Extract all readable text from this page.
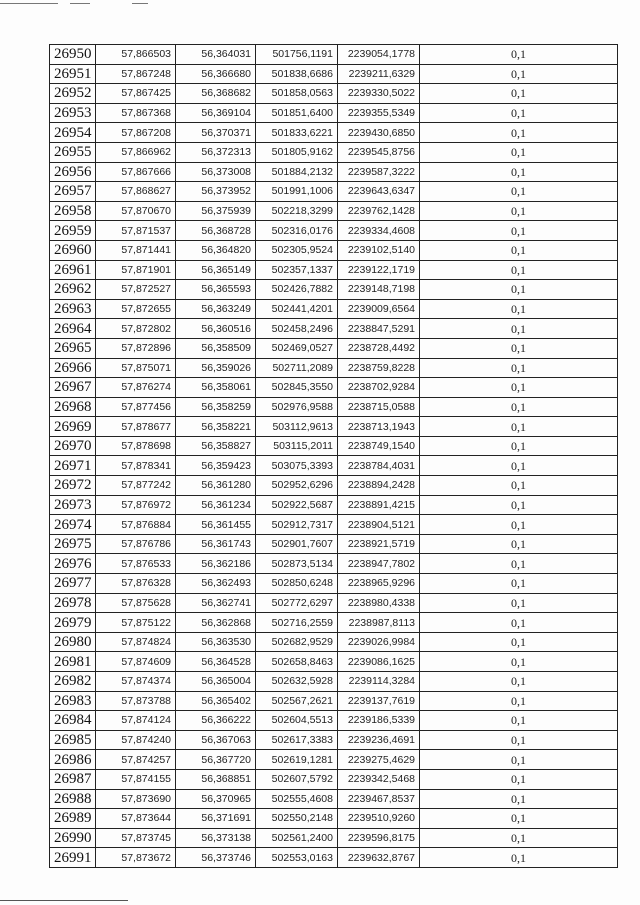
26950	57,866503	56,364031	501756,1191	2239054,1778	0,1
26951	57,867248	56,366680	501838,6686	2239211,6329	0,1
26952	57,867425	56,368682	501858,0563	2239330,5022	0,1
26953	57,867368	56,369104	501851,6400	2239355,5349	0,1
26954	57,867208	56,370371	501833,6221	2239430,6850	0,1
26955	57,866962	56,372313	501805,9162	2239545,8756	0,1
26956	57,867666	56,373008	501884,2132	2239587,3222	0,1
26957	57,868627	56,373952	501991,1006	2239643,6347	0,1
26958	57,870670	56,375939	502218,3299	2239762,1428	0,1
26959	57,871537	56,368728	502316,0176	2239334,4608	0,1
26960	57,871441	56,364820	502305,9524	2239102,5140	0,1
26961	57,871901	56,365149	502357,1337	2239122,1719	0,1
26962	57,872527	56,365593	502426,7882	2239148,7198	0,1
26963	57,872655	56,363249	502441,4201	2239009,6564	0,1
26964	57,872802	56,360516	502458,2496	2238847,5291	0,1
26965	57,872896	56,358509	502469,0527	2238728,4492	0,1
26966	57,875071	56,359026	502711,2089	2238759,8228	0,1
26967	57,876274	56,358061	502845,3550	2238702,9284	0,1
26968	57,877456	56,358259	502976,9588	2238715,0588	0,1
26969	57,878677	56,358221	503112,9613	2238713,1943	0,1
26970	57,878698	56,358827	503115,2011	2238749,1540	0,1
26971	57,878341	56,359423	503075,3393	2238784,4031	0,1
26972	57,877242	56,361280	502952,6296	2238894,2428	0,1
26973	57,876972	56,361234	502922,5687	2238891,4215	0,1
26974	57,876884	56,361455	502912,7317	2238904,5121	0,1
26975	57,876786	56,361743	502901,7607	2238921,5719	0,1
26976	57,876533	56,362186	502873,5134	2238947,7802	0,1
26977	57,876328	56,362493	502850,6248	2238965,9296	0,1
26978	57,875628	56,362741	502772,6297	2238980,4338	0,1
26979	57,875122	56,362868	502716,2559	2238987,8113	0,1
26980	57,874824	56,363530	502682,9529	2239026,9984	0,1
26981	57,874609	56,364528	502658,8463	2239086,1625	0,1
26982	57,874374	56,365004	502632,5928	2239114,3284	0,1
26983	57,873788	56,365402	502567,2621	2239137,7619	0,1
26984	57,874124	56,366222	502604,5513	2239186,5339	0,1
26985	57,874240	56,367063	502617,3383	2239236,4691	0,1
26986	57,874257	56,367720	502619,1281	2239275,4629	0,1
26987	57,874155	56,368851	502607,5792	2239342,5468	0,1
26988	57,873690	56,370965	502555,4608	2239467,8537	0,1
26989	57,873644	56,371691	502550,2148	2239510,9260	0,1
26990	57,873745	56,373138	502561,2400	2239596,8175	0,1
26991	57,873672	56,373746	502553,0163	2239632,8767	0,1
